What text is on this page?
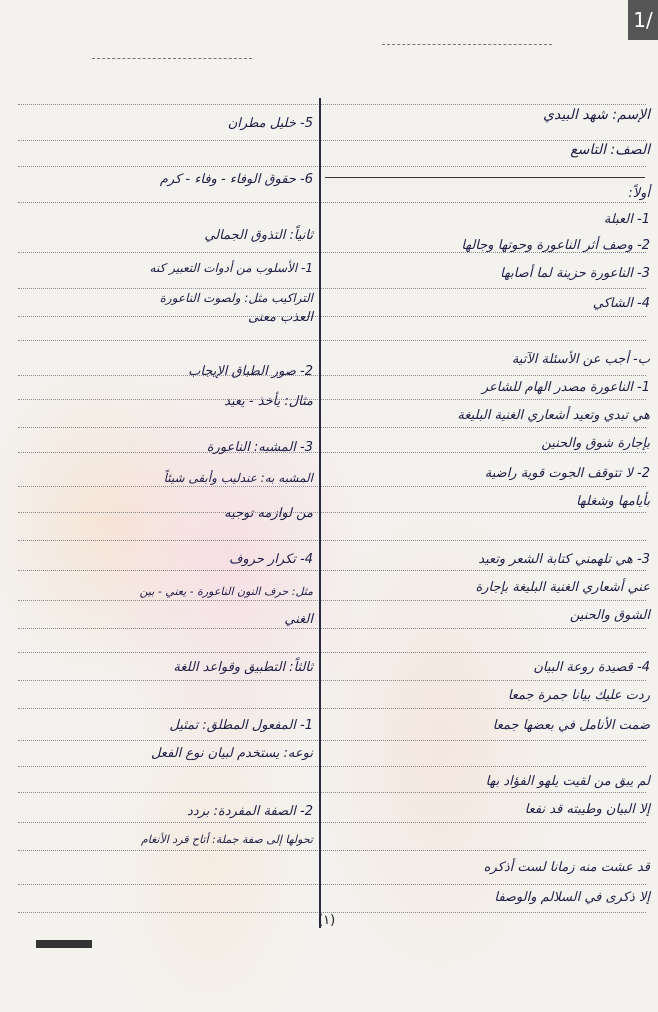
1/
الإسم: شهد البيدي
الصف: التاسع
أولاً:
1- العبلة
2- وصف أثر الناعورة وحوتها وجالها
3- الناعورة حزينة لما أصابها
4- الشاكي
ب- أجب عن الأسئلة الآتية
1- الناعورة مصدر الهام للشاعر
هي تبدي وتعيد أشعاري الغنية البليغة
بإجارة شوق والحنين
2- لا تتوقف الجوت قوية راضية
بأيامها وشغلها
3- هي تلهمني كتابة الشعر وتعيد
عني أشعاري الغنية البليغة بإجارة
الشوق والحنين
4- قصيدة روعة البيان
ردت عليك بيانا جمرة جمعا
ضمت الأنامل في بعضها جمعا
لم يبق من لقيت يلهو الفؤاد بها
إلا البيان وطيبته قد نفعا
قد عشت منه زمانا لست أذكره
إلا ذكرى في السلالم والوصفا
5- خليل مطران
6- حقوق الوفاء - وفاء - كرم
ثانياً: التذوق الجمالي
1- الأسلوب من أدوات التعبير كنه
التراكيب مثل: ولصوت الناعورة
العذب معنى
2- صور الطباق الإيجاب
مثال: يأخذ - يعيد
3- المشبه: الناعورة
المشبه به: عندليب وأبقى شيئاً
من لوازمه توجيه
4- تكرار حروف
مثل: حرف النون الناعورة - يعني - بين
الغني
ثالثاً: التطبيق وقواعد اللغة
1- المفعول المطلق: تمثيل
نوعه: يستخدم لبيان نوع الفعل
2- الصفة المفردة: بردد
تحولها إلى صفة جملة: أتاح قرد الأنغام
(١)
